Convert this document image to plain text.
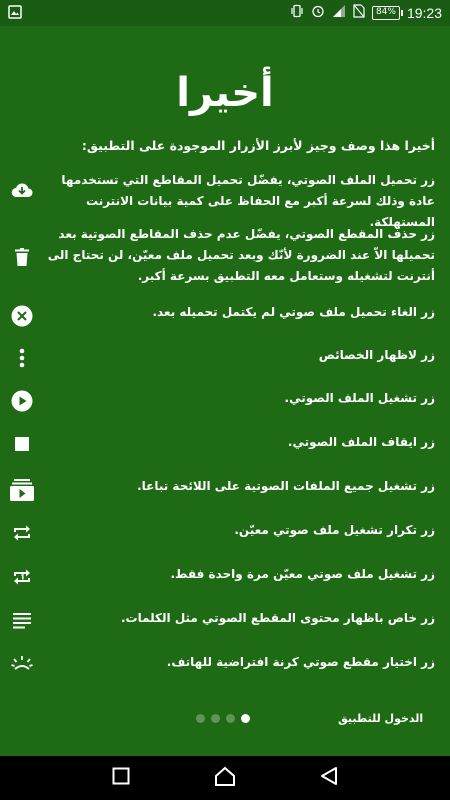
84% 19:23
أخيرا
أخيرا هذا وصف وجيز لأبرز الأزرار الموجودة على التطبيق:
زر تحميل الملف الصوتي، يفضّل تحميل المقاطع التي تستخدمها عادة وذلك لسرعة أكبر مع الحفاظ على كمية بيانات الانترنت المستهلكة.
زر حذف المقطع الصوتي، يفضّل عدم حذف المقاطع الصوتية بعد تحميلها الاّ عند الضرورة لأنّك وبعد تحميل ملف معيّن، لن تحتاج الى أنترنت لتشغيله وستعامل معه التطبيق بسرعة أكبر.
زر الغاء تحميل ملف صوتي لم يكتمل تحميله بعد.
زر لاظهار الخصائص
زر تشغيل الملف الصوتي.
زر ايقاف الملف الصوتي.
زر تشغيل جميع الملفات الصوتية على اللائحة تباعا.
زر تكرار تشغيل ملف صوتي معيّن.
زر تشغيل ملف صوتي معيّن مرة واحدة فقط.
زر خاص باظهار محتوى المقطع الصوتي مثل الكلمات.
زر اختيار مقطع صوتي كرنة افتراضية للهاتف.
الدخول للتطبيق
